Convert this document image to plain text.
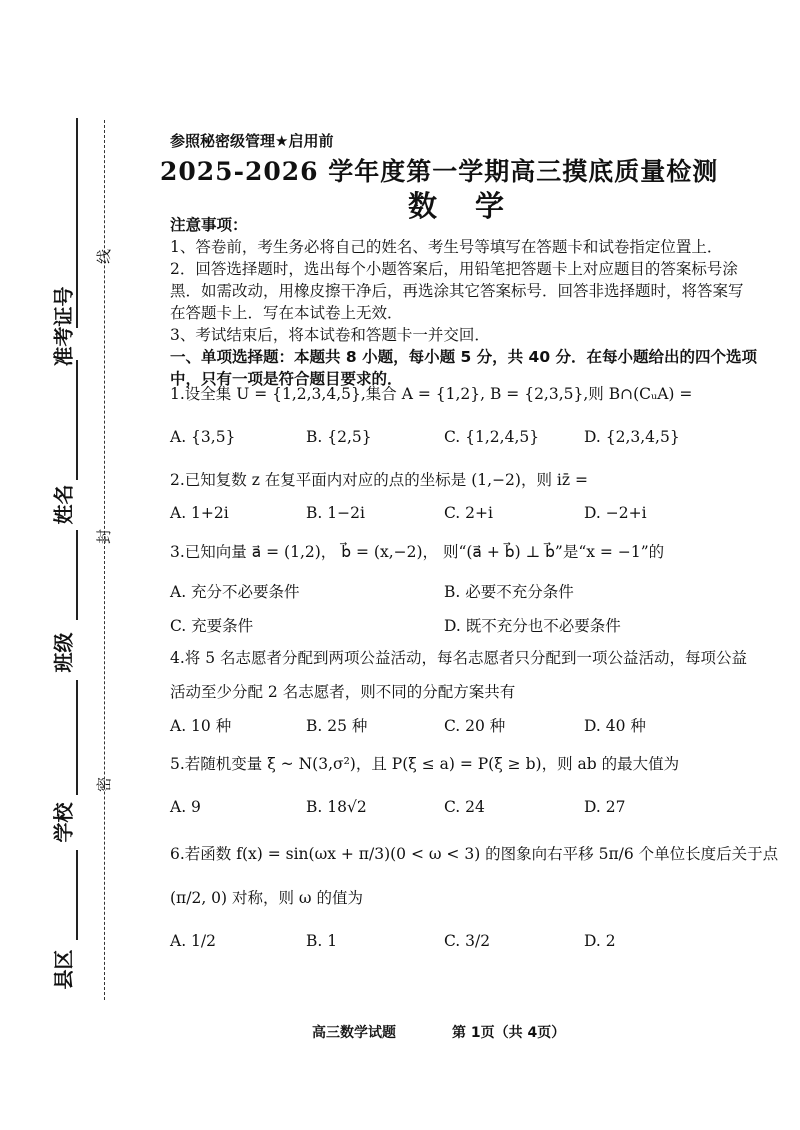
准考证号
姓名
班级
学校
县区
线
封
密
参照秘密级管理★启用前
2025-2026 学年度第一学期高三摸底质量检测
数学
注意事项：
1、答卷前，考生务必将自己的姓名、考生号等填写在答题卡和试卷指定位置上．
2．回答选择题时，选出每个小题答案后，用铅笔把答题卡上对应题目的答案标号涂
黑．如需改动，用橡皮擦干净后，再选涂其它答案标号．回答非选择题时，将答案写
在答题卡上．写在本试卷上无效．
3、考试结束后，将本试卷和答题卡一并交回．
一、单项选择题：本题共 8 小题，每小题 5 分，共 40 分．在每小题给出的四个选项
中，只有一项是符合题目要求的．
1.设全集 U = {1,2,3,4,5},集合 A = {1,2}, B = {2,3,5},则 B∩(CᵤA) =
A. {3,5}	B. {2,5}	C. {1,2,4,5}	D. {2,3,4,5}
2.已知复数 z 在复平面内对应的点的坐标是 (1,−2)，则 iz̄ =
A. 1+2i	B. 1−2i	C. 2+i	D. −2+i
3.已知向量 a⃗ = (1,2)， b⃗ = (x,−2)， 则“(a⃗ + b⃗) ⊥ b⃗”是“x = −1”的
A. 充分不必要条件	B. 必要不充分条件
C. 充要条件	D. 既不充分也不必要条件
4.将 5 名志愿者分配到两项公益活动，每名志愿者只分配到一项公益活动，每项公益
活动至少分配 2 名志愿者，则不同的分配方案共有
A. 10 种	B. 25 种	C. 20 种	D. 40 种
5.若随机变量 ξ ~ N(3,σ²)，且 P(ξ ≤ a) = P(ξ ≥ b)，则 ab 的最大值为
A. 9	B. 18√2	C. 24	D. 27
6.若函数 f(x) = sin(ωx + π/3)(0 < ω < 3) 的图象向右平移 5π/6 个单位长度后关于点
(π/2, 0) 对称，则 ω 的值为
A. 1/2	B. 1	C. 3/2	D. 2
高三数学试题	第 1页（共 4页）
